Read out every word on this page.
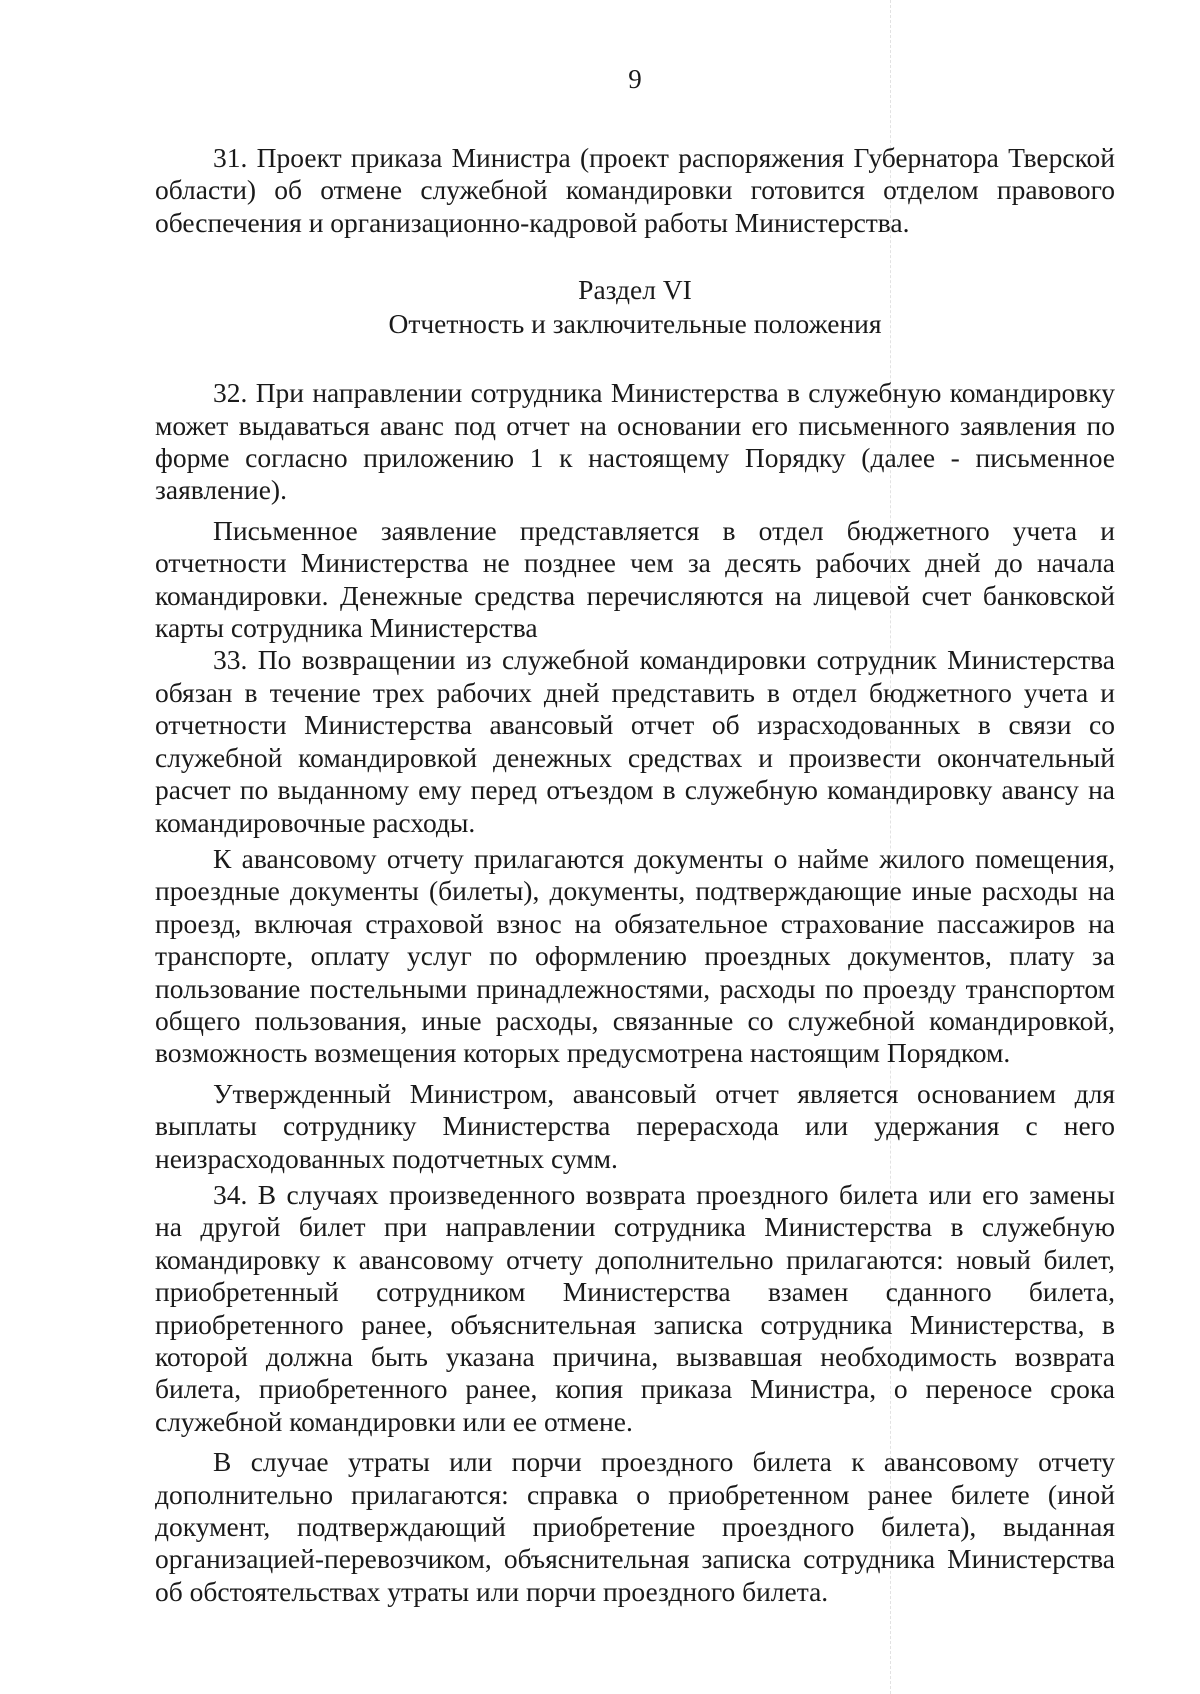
9

31. Проект приказа Министра (проект распоряжения Губернатора Тверской области) об отмене служебной командировки готовится отделом правового обеспечения и организационно-кадровой работы Министерства.

Раздел VI
Отчетность и заключительные положения

32. При направлении сотрудника Министерства в служебную командировку может выдаваться аванс под отчет на основании его письменного заявления по форме согласно приложению 1 к настоящему Порядку (далее - письменное заявление).

Письменное заявление представляется в отдел бюджетного учета и отчетности Министерства не позднее чем за десять рабочих дней до начала командировки. Денежные средства перечисляются на лицевой счет банковской карты сотрудника Министерства

33. По возвращении из служебной командировки сотрудник Министерства обязан в течение трех рабочих дней представить в отдел бюджетного учета и отчетности Министерства авансовый отчет об израсходованных в связи со служебной командировкой денежных средствах и произвести окончательный расчет по выданному ему перед отъездом в служебную командировку авансу на командировочные расходы.

К авансовому отчету прилагаются документы о найме жилого помещения, проездные документы (билеты), документы, подтверждающие иные расходы на проезд, включая страховой взнос на обязательное страхование пассажиров на транспорте, оплату услуг по оформлению проездных документов, плату за пользование постельными принадлежностями, расходы по проезду транспортом общего пользования, иные расходы, связанные со служебной командировкой, возможность возмещения которых предусмотрена настоящим Порядком.

Утвержденный Министром, авансовый отчет является основанием для выплаты сотруднику Министерства перерасхода или удержания с него неизрасходованных подотчетных сумм.

34. В случаях произведенного возврата проездного билета или его замены на другой билет при направлении сотрудника Министерства в служебную командировку к авансовому отчету дополнительно прилагаются: новый билет, приобретенный сотрудником Министерства взамен сданного билета, приобретенного ранее, объяснительная записка сотрудника Министерства, в которой должна быть указана причина, вызвавшая необходимость возврата билета, приобретенного ранее, копия приказа Министра, о переносе срока служебной командировки или ее отмене.

В случае утраты или порчи проездного билета к авансовому отчету дополнительно прилагаются: справка о приобретенном ранее билете (иной документ, подтверждающий приобретение проездного билета), выданная организацией-перевозчиком, объяснительная записка сотрудника Министерства об обстоятельствах утраты или порчи проездного билета.
